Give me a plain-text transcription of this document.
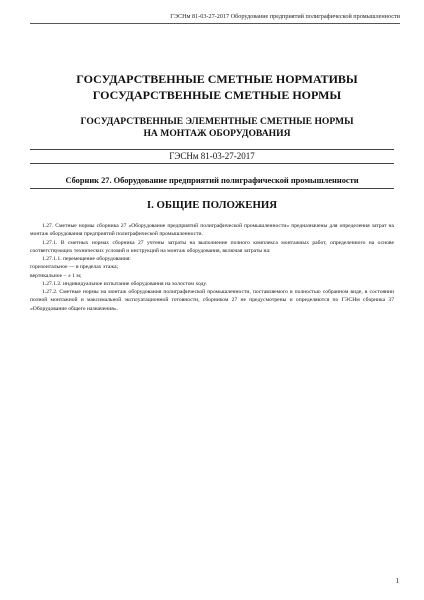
ГЭСНм 81-03-27-2017 Оборудование предприятий полиграфической промышленности
ГОСУДАРСТВЕННЫЕ СМЕТНЫЕ НОРМАТИВЫ
ГОСУДАРСТВЕННЫЕ СМЕТНЫЕ НОРМЫ
ГОСУДАРСТВЕННЫЕ ЭЛЕМЕНТНЫЕ СМЕТНЫЕ НОРМЫ
НА МОНТАЖ ОБОРУДОВАНИЯ
ГЭСНм 81-03-27-2017
Сборник 27. Оборудование предприятий полиграфической промышленности
I. ОБЩИЕ ПОЛОЖЕНИЯ

1.27. Сметные нормы сборника 27 «Оборудование предприятий полиграфической промышленности» предназначены для определения затрат на монтаж оборудования предприятий полиграфической промышленности.

1.27.1. В сметных нормах сборника 27 учтены затраты на выполнение полного комплекса монтажных работ, определенного на основе соответствующих технических условий и инструкций на монтаж оборудования, включая затраты на:

1.27.1.1. перемещение оборудования:

горизонтальное — в пределах этажа;

вертикальное – ± 1 м;

1.27.1.2. индивидуальное испытание оборудования на холостом ходу.

1.27.2. Сметные нормы на монтаж оборудования полиграфической промышленности, поставляемого в полностью собранном виде, в состоянии полной монтажной и максимальной эксплуатационной готовности, сборником 27 не предусмотрены и определяются по ГЭСНм сборника 37 «Оборудование общего назначения».

1
